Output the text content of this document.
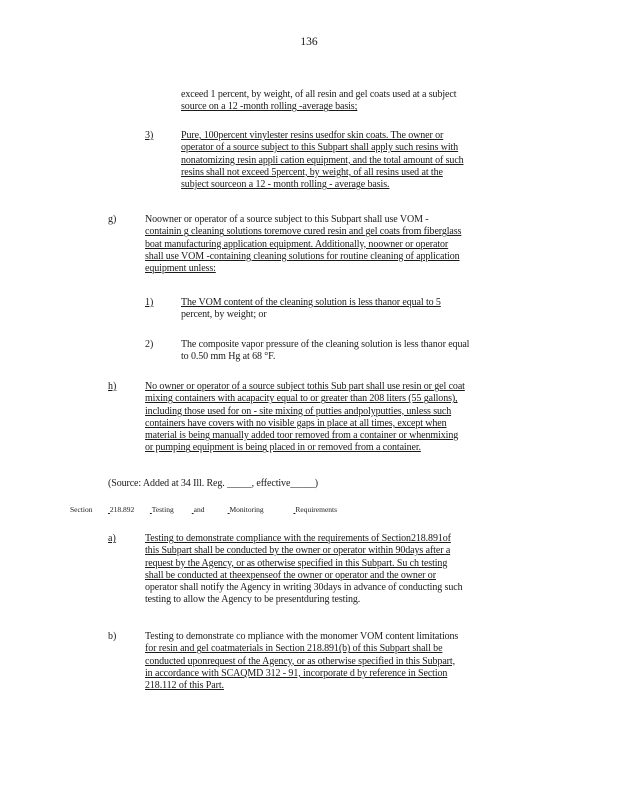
136
exceed 1 percent, by weight, of all resin and gel coats used at a subject
source on a 12 -month rolling -average basis;
3)	Pure, 100percent vinylester resins usedfor skin coats. The owner or
operator of a source subject to this Subpart shall apply such resins with
nonatomizing resin appli cation equipment, and the total amount of such
resins shall not exceed 5percent, by weight, of all resins used at the
subject sourceon a 12 - month rolling - average basis.
g)	Noowner or operator of a source subject to this Subpart shall use VOM -
containin g cleaning solutions toremove cured resin and gel coats from fiberglass
boat manufacturing application equipment. Additionally, noowner or operator
shall use VOM -containing cleaning solutions for routine cleaning of application
equipment unless:
1)	The VOM content of the cleaning solution is less thanor equal to 5
percent, by weight; or
2)	The composite vapor pressure of the cleaning solution is less thanor equal
to 0.50 mm Hg at 68 °F.
h)	No owner or operator of a source subject tothis Sub part shall use resin or gel coat
mixing containers with acapacity equal to or greater than 208 liters (55 gallons),
including those used for on - site mixing of putties andpolyputties, unless such
containers have covers with no visible gaps in place at all times, except when
material is being manually added toor removed from a container or whenmixing
or pumping equipment is being placed in or removed from a container.
(Source: Added at 34 Ill. Reg. _____, effective_____)
Section 218.892 Testing	and	Monitoring	Requirements
a)	Testing to demonstrate compliance with the requirements of Section218.891of
this Subpart shall be conducted by the owner or operator within 90days after a
request by the Agency, or as otherwise specified in this Subpart. Su ch testing
shall be conducted at theexpenseof the owner or operator and the owner or
operator shall notify the Agency in writing 30days in advance of conducting such
testing to allow the Agency to be presentduring testing.
b)	Testing to demonstrate co mpliance with the monomer VOM content limitations
for resin and gel coatmaterials in Section 218.891(b) of this Subpart shall be
conducted uponrequest of the Agency, or as otherwise specified in this Subpart,
in accordance with SCAQMD 312 - 91, incorporate d by reference in Section
218.112 of this Part.
